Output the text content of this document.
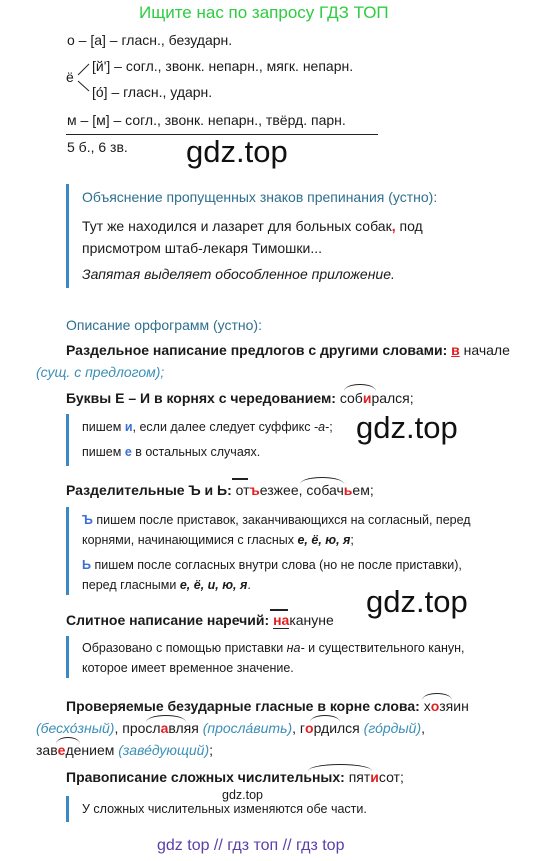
Ищите нас по запросу ГДЗ ТОП
о – [а] – гласн., безударн.
ё
[й'] – согл., звонк. непарн., мягк. непарн.
[о́] – гласн., ударн.
м – [м] – согл., звонк. непарн., твёрд. парн.
5 б., 6 зв. gdz.top
Объяснение пропущенных знаков препинания (устно):
Тут же находился и лазарет для больных собак, под
присмотром штаб-лекаря Тимошки...
Запятая выделяет обособленное приложение.
Описание орфограмм (устно):
Раздельное написание предлогов с другими словами: в начале
(сущ. с предлогом);
Буквы Е – И в корнях с чередованием: собирался;
пишем и, если далее следует суффикс -а-;
пишем е в остальных случаях.
gdz.top
Разделительные Ъ и Ь: отъезжее, собачьем;
Ъ пишем после приставок, заканчивающихся на согласный, перед
корнями, начинающимися с гласных е, ё, ю, я;
Ь пишем после согласных внутри слова (но не после приставки),
перед гласными е, ё, и, ю, я.	gdz.top
Слитное написание наречий: накануне
Образовано с помощью приставки на- и существительного канун,
которое имеет временное значение.
Проверяемые безударные гласные в корне слова: хозяин
(бесхо́зный), прославляя (просла́вить), гордился (го́рдый),
заведением (заве́дующий);
Правописание сложных числительных: пятисот;
gdz.top
У сложных числительных изменяются обе части.
gdz top // гдз топ // гдз top
